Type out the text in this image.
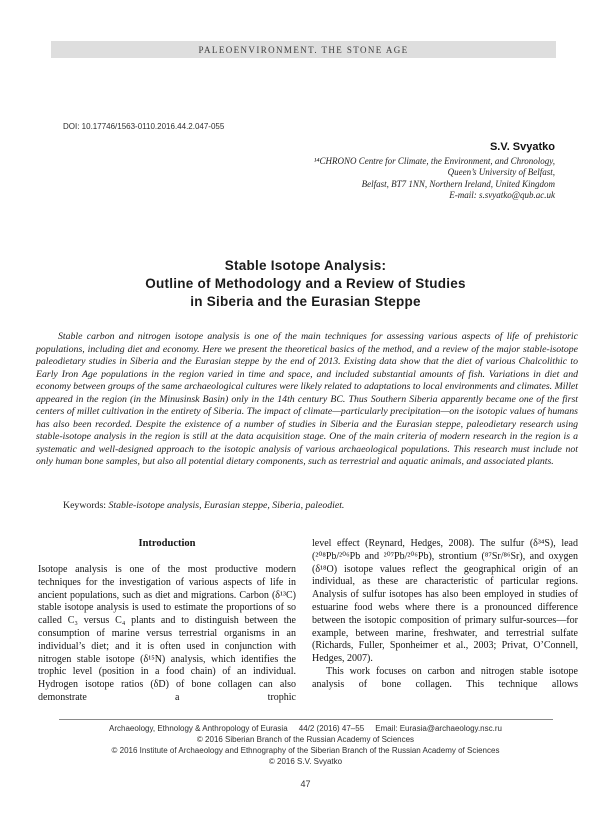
PALEOENVIRONMENT. THE STONE AGE
DOI: 10.17746/1563-0110.2016.44.2.047-055
S.V. Svyatko
¹⁴CHRONO Centre for Climate, the Environment, and Chronology,
Queen’s University of Belfast,
Belfast, BT7 1NN, Northern Ireland, United Kingdom
E-mail: s.svyatko@qub.ac.uk
Stable Isotope Analysis:
Outline of Methodology and a Review of Studies
in Siberia and the Eurasian Steppe

Stable carbon and nitrogen isotope analysis is one of the main techniques for assessing various aspects of life of prehistoric populations, including diet and economy. Here we present the theoretical basics of the method, and a review of the major stable-isotope paleodietary studies in Siberia and the Eurasian steppe by the end of 2013. Existing data show that the diet of various Chalcolithic to Early Iron Age populations in the region varied in time and space, and included substantial amounts of fish. Variations in diet and economy between groups of the same archaeological cultures were likely related to adaptations to local environments and climates. Millet appeared in the region (in the Minusinsk Basin) only in the 14th century BC. Thus Southern Siberia apparently became one of the first centers of millet cultivation in the entirety of Siberia. The impact of climate—particularly precipitation—on the isotopic values of humans has also been recorded. Despite the existence of a number of studies in Siberia and the Eurasian steppe, paleodietary research using stable-isotope analysis in the region is still at the data acquisition stage. One of the main criteria of modern research in the region is a systematic and well-designed approach to the isotopic analysis of various archaeological populations. This research must include not only human bone samples, but also all potential dietary components, such as terrestrial and aquatic animals, and associated plants.

Keywords: Stable-isotope analysis, Eurasian steppe, Siberia, paleodiet.
Introduction

Isotope analysis is one of the most productive modern techniques for the investigation of various aspects of life in ancient populations, such as diet and migrations. Carbon (δ¹³C) stable isotope analysis is used to estimate the proportions of so called C₃ versus C₄ plants and to distinguish between the consumption of marine versus terrestrial organisms in an individual’s diet; and it is often used in conjunction with nitrogen stable isotope (δ¹⁵N) analysis, which identifies the trophic level (position in a food chain) of an individual. Hydrogen isotope ratios (δD) of bone collagen can also demonstrate a trophic

level effect (Reynard, Hedges, 2008). The sulfur (δ³⁴S), lead (²⁰⁸Pb/²⁰⁶Pb and ²⁰⁷Pb/²⁰⁶Pb), strontium (⁸⁷Sr/⁸⁶Sr), and oxygen (δ¹⁸O) isotope values reflect the geographical origin of an individual, as these are characteristic of particular regions. Analysis of sulfur isotopes has also been employed in studies of estuarine food webs where there is a pronounced difference between the isotopic composition of primary sulfur-sources—for example, between marine, freshwater, and terrestrial sulfate (Richards, Fuller, Sponheimer et al., 2003; Privat, O’Connell, Hedges, 2007).

This work focuses on carbon and nitrogen stable isotope analysis of bone collagen. This technique allows

Archaeology, Ethnology & Anthropology of Eurasia     44/2 (2016) 47–55     Email: Eurasia@archaeology.nsc.ru
© 2016 Siberian Branch of the Russian Academy of Sciences
© 2016 Institute of Archaeology and Ethnography of the Siberian Branch of the Russian Academy of Sciences
© 2016 S.V. Svyatko
47
